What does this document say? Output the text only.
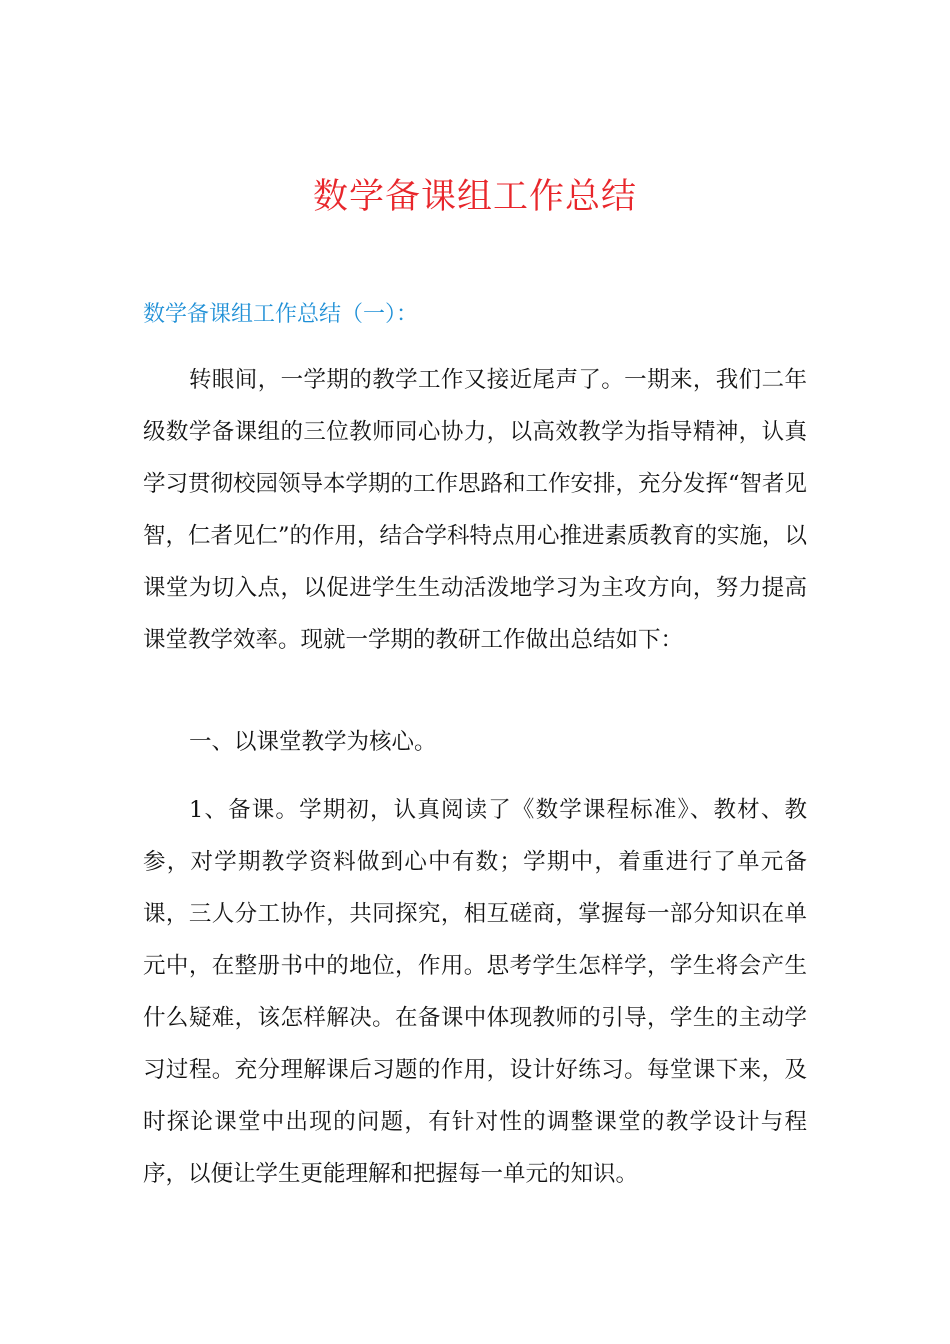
数学备课组工作总结
数学备课组工作总结（一）：

转眼间，一学期的教学工作又接近尾声了。一期来，我们二年级数学备课组的三位教师同心协力，以高效教学为指导精神，认真学习贯彻校园领导本学期的工作思路和工作安排，充分发挥“智者见智，仁者见仁”的作用，结合学科特点用心推进素质教育的实施，以课堂为切入点，以促进学生生动活泼地学习为主攻方向，努力提高课堂教学效率。现就一学期的教研工作做出总结如下：

一、以课堂教学为核心。

1、备课。学期初，认真阅读了《数学课程标准》、教材、教参，对学期教学资料做到心中有数；学期中，着重进行了单元备课，三人分工协作，共同探究，相互磋商，掌握每一部分知识在单元中，在整册书中的地位，作用。思考学生怎样学，学生将会产生什么疑难，该怎样解决。在备课中体现教师的引导，学生的主动学习过程。充分理解课后习题的作用，设计好练习。每堂课下来，及时探论课堂中出现的问题，有针对性的调整课堂的教学设计与程序，以便让学生更能理解和把握每一单元的知识。
